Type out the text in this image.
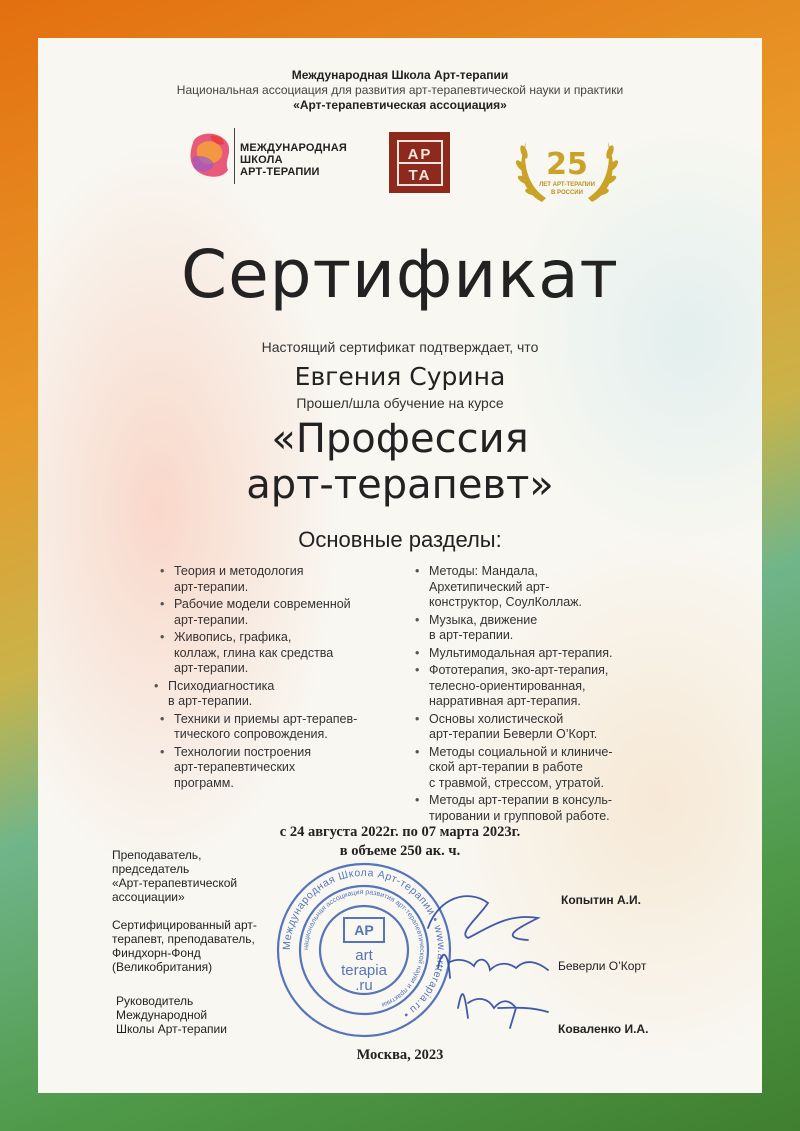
Международная Школа Арт-терапии
Национальная ассоциация для развития арт-терапевтической науки и практики
«Арт-терапевтическая ассоциация»
МЕЖДУНАРОДНАЯ
ШКОЛА
АРТ-ТЕРАПИИ
AP
TA	25
ЛЕТ АРТ-ТЕРАПИИ
В РОССИИ
Сертификат
Настоящий сертификат подтверждает, что
Евгения Сурина
Прошел/шла обучение на курсе
«Профессия
арт-терапевт»
Основные разделы:
• Теория и методология
арт-терапии.
• Рабочие модели современной
арт-терапии.
• Живопись, графика,
коллаж, глина как средства
арт-терапии.
• Психодиагностика
в арт-терапии.
• Техники и приемы арт-терапев-
тического сопровождения.
• Технологии построения
арт-терапевтических
программ.
• Методы: Мандала,
Архетипический арт-
конструктор, СоулКоллаж.
• Музыка, движение
в арт-терапии.
• Мультимодальная арт-терапия.
• Фототерапия, эко-арт-терапия,
телесно-ориентированная,
нарративная арт-терапия.
• Основы холистической
арт-терапии Беверли О’Корт.
• Методы социальной и клиниче-
ской арт-терапии в работе
с травмой, стрессом, утратой.
• Методы арт-терапии в консуль-
тировании и групповой работе.
с 24 августа 2022г. по 07 марта 2023г.
в объеме 250 ак. ч.
Преподаватель,
председатель
«Арт-терапевтической
ассоциации»
Сертифицированный арт-
терапевт, преподаватель,
Финдхорн-Фонд
(Великобритания)
Руководитель
Международной
Школы Арт-терапии
Международная Школа Арт-терапии • www.artterapia.ru •
национальная ассоциация развития арт-терапевтической науки и практики
AP
art
terapia
.ru
Копытин А.И.
Беверли О’Корт
Коваленко И.А.
Москва, 2023
